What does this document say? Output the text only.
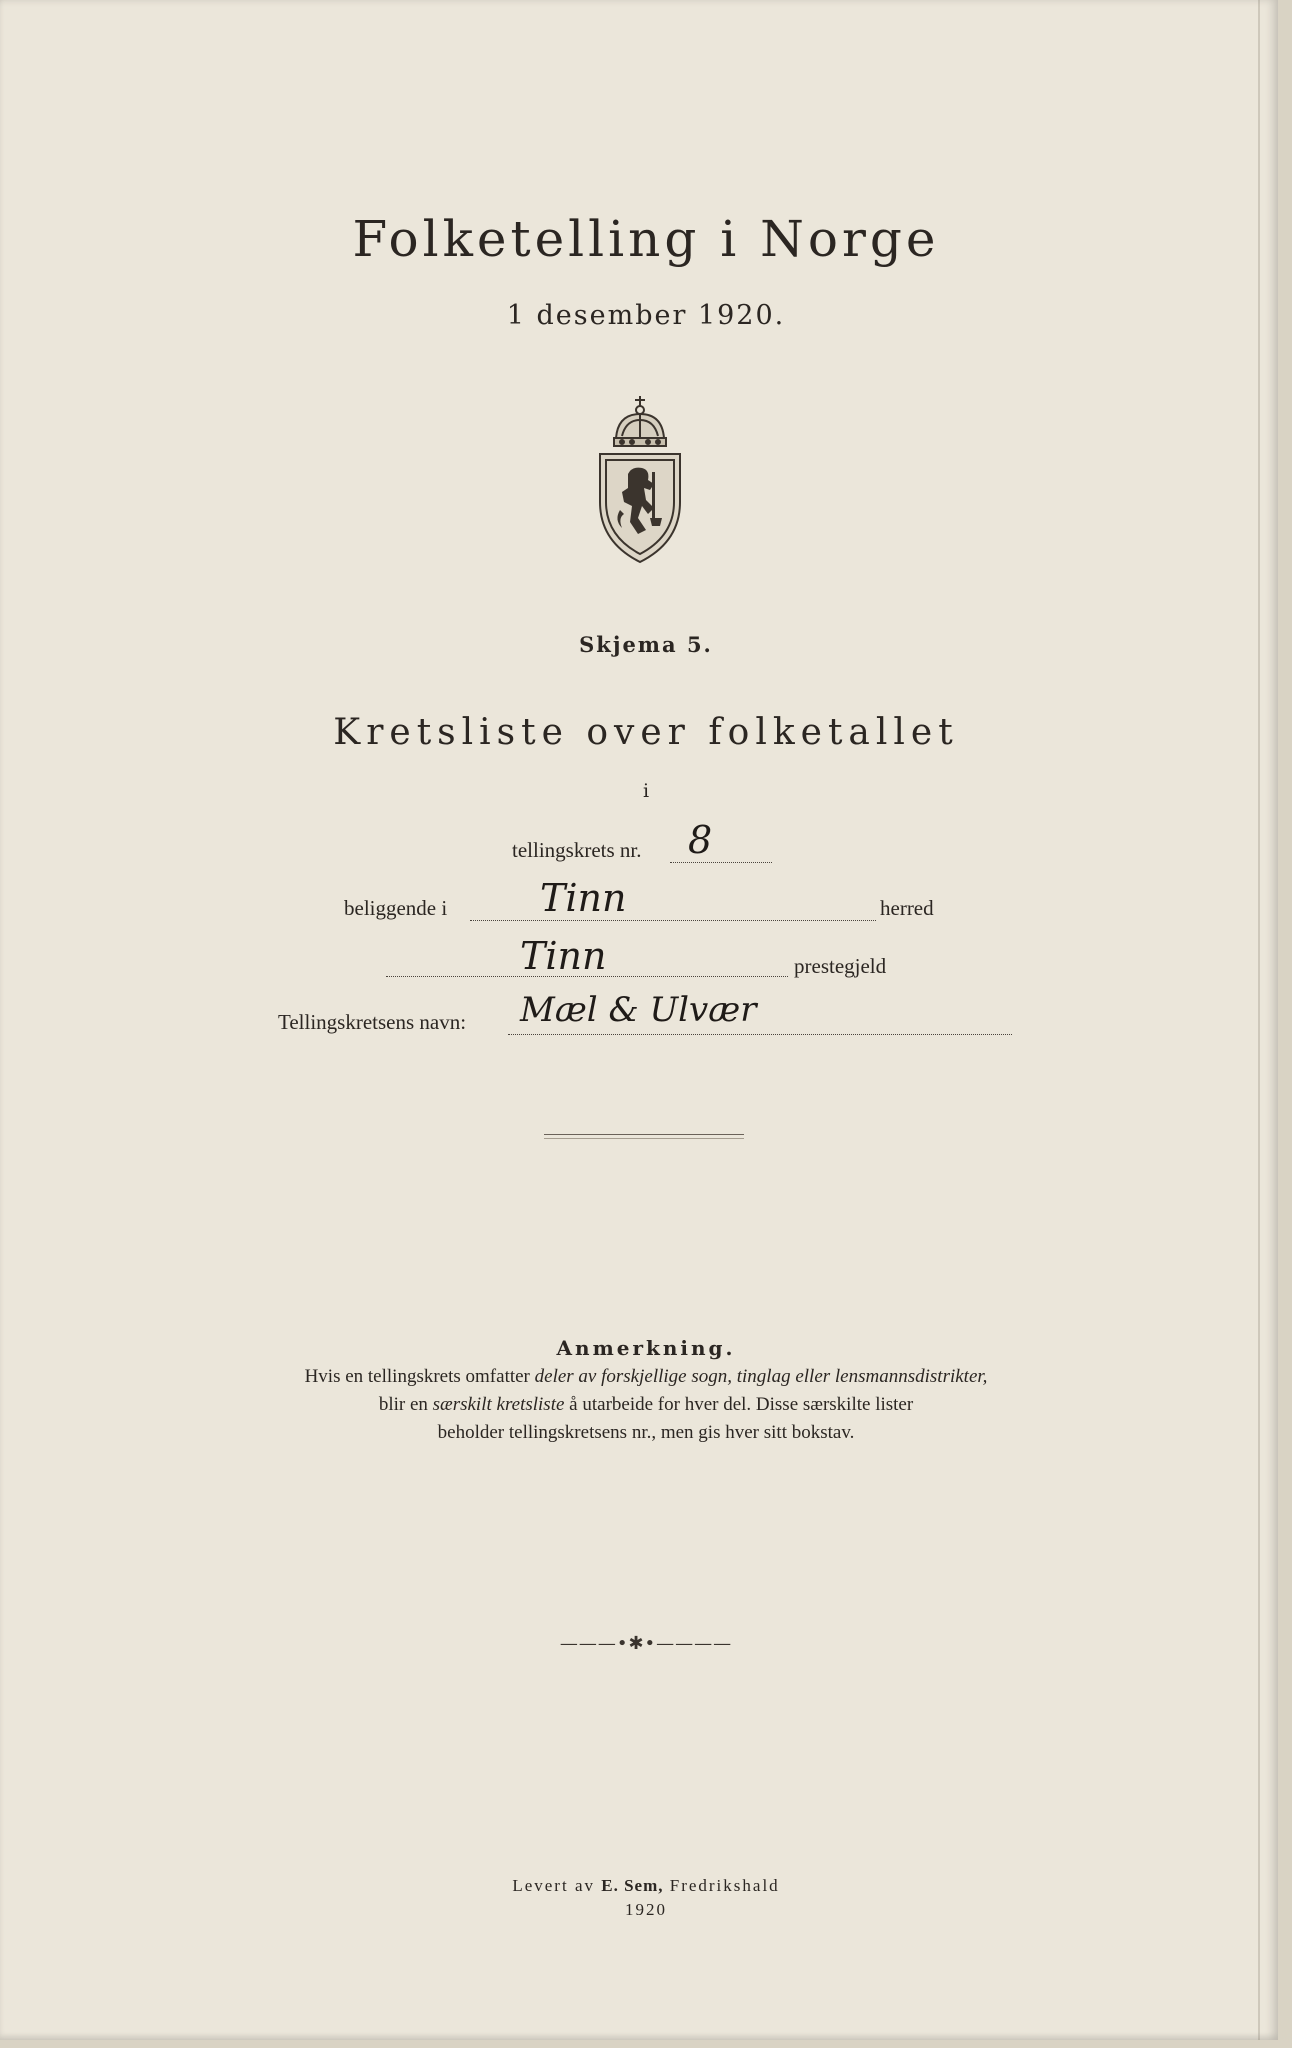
Folketelling i Norge
1 desember 1920.
Skjema 5.
Kretsliste over folketallet
i
tellingskrets nr. 8
beliggende i Tinn	herred
Tinn	prestegjeld
Tellingskretsens navn: Mæl & Ulvær
Anmerkning.
Hvis en tellingskrets omfatter deler av forskjellige sogn, tinglag eller lensmannsdistrikter,
blir en særskilt kretsliste å utarbeide for hver del. Disse særskilte lister
beholder tellingskretsens nr., men gis hver sitt bokstav.
———•✱•————
Levert av E. Sem, Fredrikshald
1920
